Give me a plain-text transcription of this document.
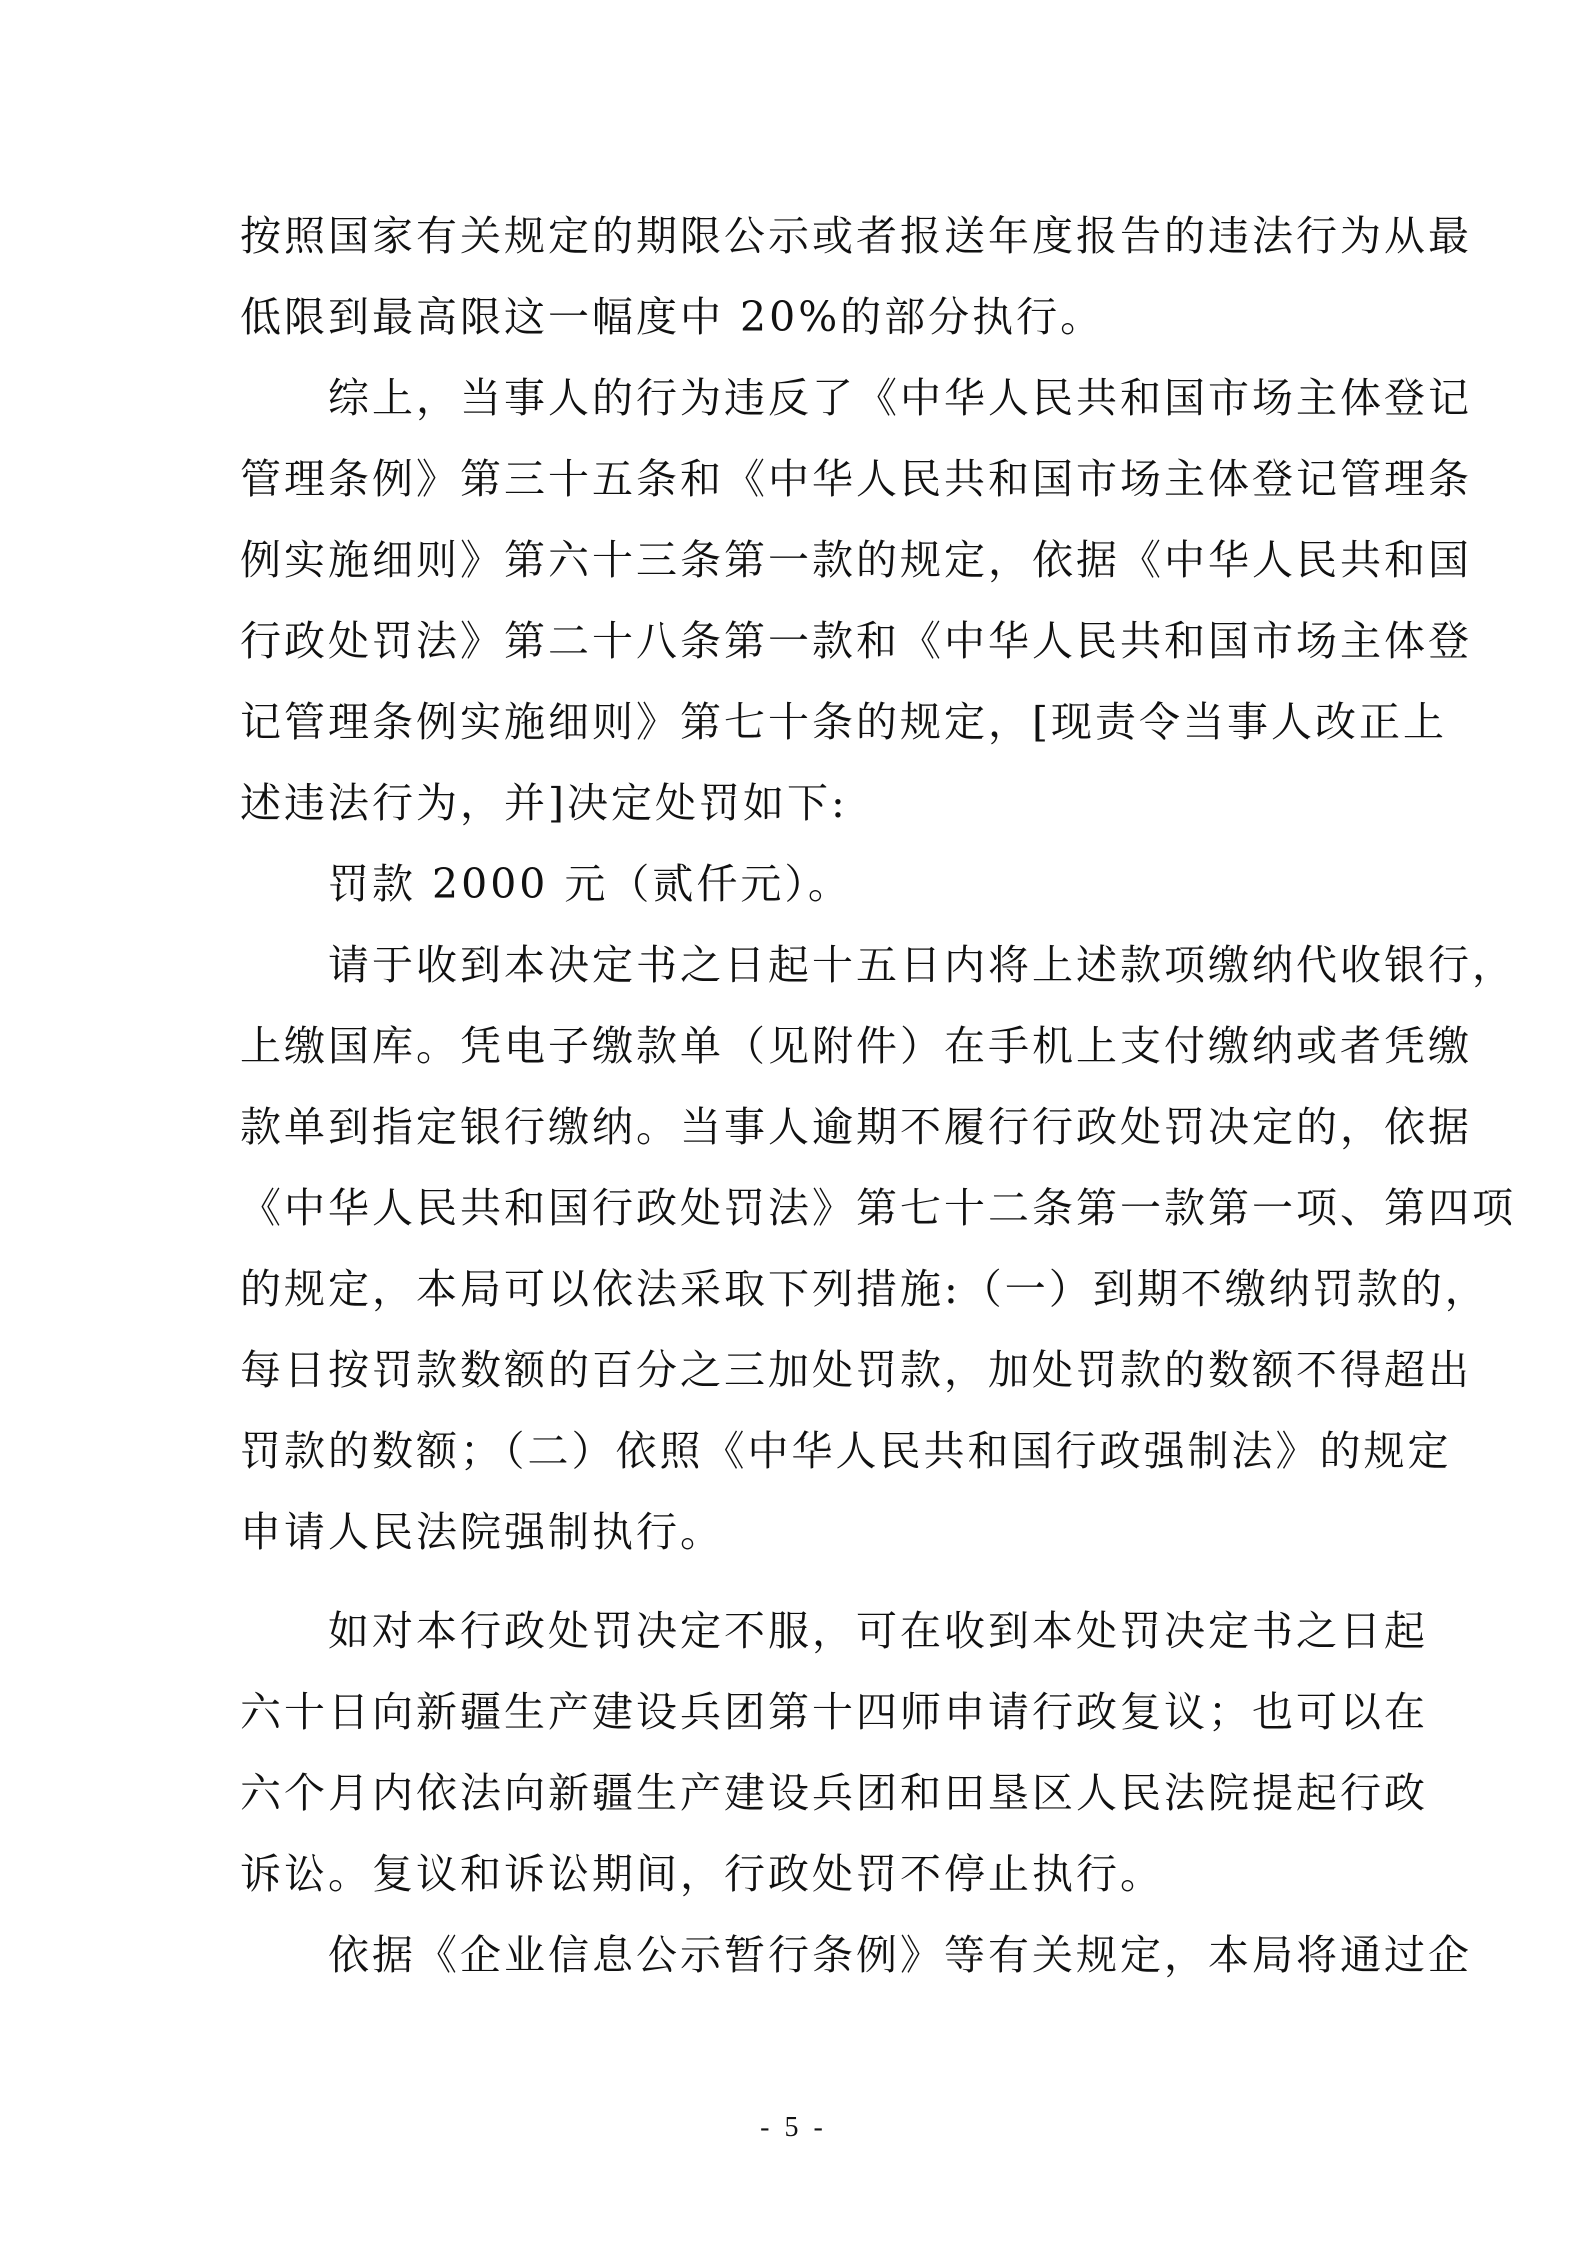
按照国家有关规定的期限公示或者报送年度报告的违法行为从最
低限到最高限这一幅度中 20%的部分执行。

　　综上，当事人的行为违反了《中华人民共和国市场主体登记
管理条例》第三十五条和《中华人民共和国市场主体登记管理条
例实施细则》第六十三条第一款的规定，依据《中华人民共和国
行政处罚法》第二十八条第一款和《中华人民共和国市场主体登
记管理条例实施细则》第七十条的规定，[现责令当事人改正上
述违法行为，并]决定处罚如下:

　　罚款 2000 元（贰仟元）。

　　请于收到本决定书之日起十五日内将上述款项缴纳代收银行，
上缴国库。凭电子缴款单（见附件）在手机上支付缴纳或者凭缴
款单到指定银行缴纳。当事人逾期不履行行政处罚决定的，依据
《中华人民共和国行政处罚法》第七十二条第一款第一项、第四项
的规定，本局可以依法采取下列措施:（一）到期不缴纳罚款的，
每日按罚款数额的百分之三加处罚款，加处罚款的数额不得超出
罚款的数额；（二）依照《中华人民共和国行政强制法》的规定
申请人民法院强制执行。

　　如对本行政处罚决定不服，可在收到本处罚决定书之日起
六十日向新疆生产建设兵团第十四师申请行政复议；也可以在
六个月内依法向新疆生产建设兵团和田垦区人民法院提起行政
诉讼。复议和诉讼期间，行政处罚不停止执行。

　　依据《企业信息公示暂行条例》等有关规定，本局将通过企

- 5 -
